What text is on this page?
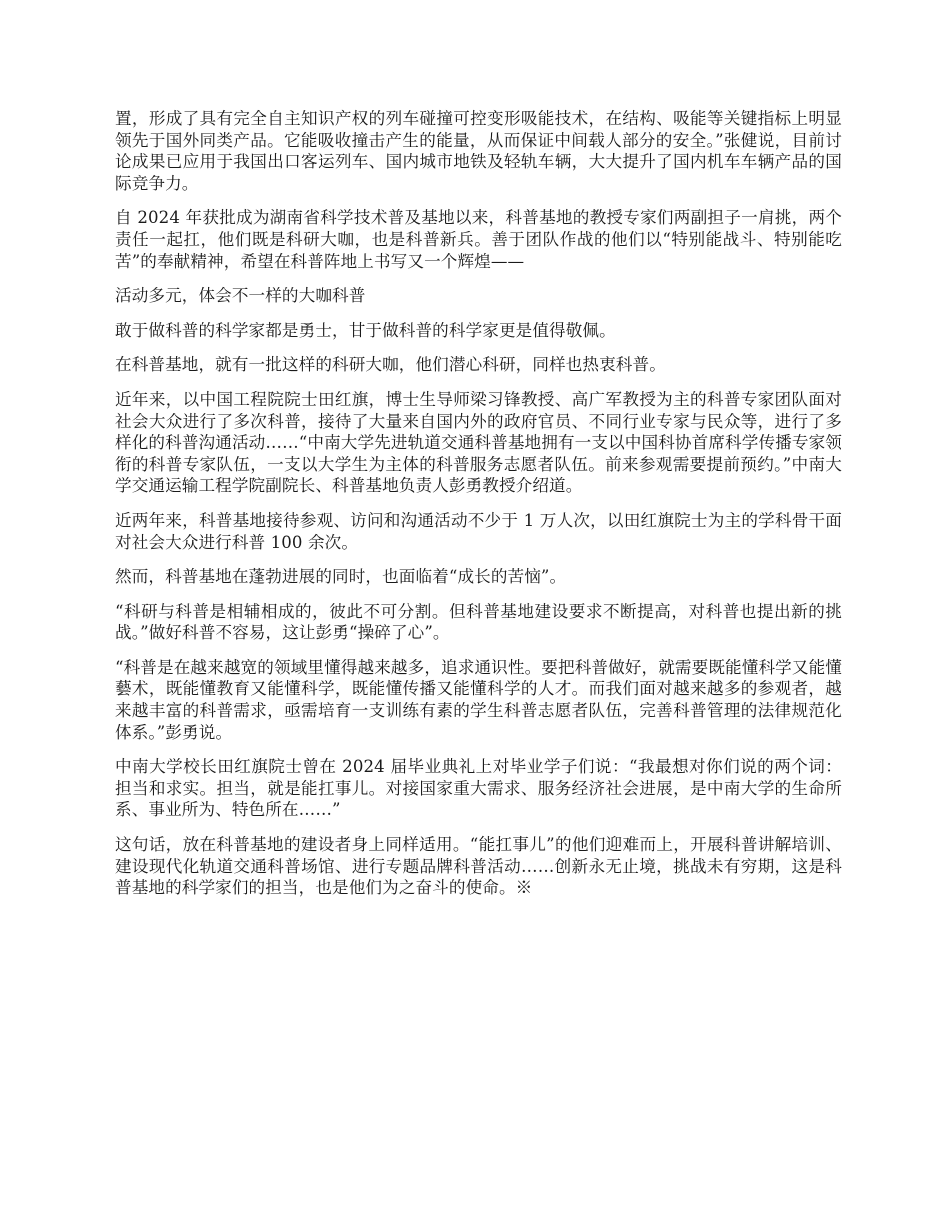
置，形成了具有完全自主知识产权的列车碰撞可控变形吸能技术，在结构、吸能等关键指标上明显领先于国外同类产品。它能吸收撞击产生的能量，从而保证中间载人部分的安全。”张健说，目前讨论成果已应用于我国出口客运列车、国内城市地铁及轻轨车辆，大大提升了国内机车车辆产品的国际竞争力。

自 2024 年获批成为湖南省科学技术普及基地以来，科普基地的教授专家们两副担子一肩挑，两个责任一起扛，他们既是科研大咖，也是科普新兵。善于团队作战的他们以“特别能战斗、特别能吃苦”的奉献精神，希望在科普阵地上书写又一个辉煌——

活动多元，体会不一样的大咖科普

敢于做科普的科学家都是勇士，甘于做科普的科学家更是值得敬佩。

在科普基地，就有一批这样的科研大咖，他们潜心科研，同样也热衷科普。

近年来，以中国工程院院士田红旗，博士生导师梁习锋教授、高广军教授为主的科普专家团队面对社会大众进行了多次科普，接待了大量来自国内外的政府官员、不同行业专家与民众等，进行了多样化的科普沟通活动……“中南大学先进轨道交通科普基地拥有一支以中国科协首席科学传播专家领衔的科普专家队伍，一支以大学生为主体的科普服务志愿者队伍。前来参观需要提前预约。”中南大学交通运输工程学院副院长、科普基地负责人彭勇教授介绍道。

近两年来，科普基地接待参观、访问和沟通活动不少于 1 万人次，以田红旗院士为主的学科骨干面对社会大众进行科普 100 余次。

然而，科普基地在蓬勃进展的同时，也面临着“成长的苦恼”。

“科研与科普是相辅相成的，彼此不可分割。但科普基地建设要求不断提高，对科普也提出新的挑战。”做好科普不容易，这让彭勇“操碎了心”。

“科普是在越来越宽的领域里懂得越来越多，追求通识性。要把科普做好，就需要既能懂科学又能懂藝术，既能懂教育又能懂科学，既能懂传播又能懂科学的人才。而我们面对越来越多的参观者，越来越丰富的科普需求，亟需培育一支训练有素的学生科普志愿者队伍，完善科普管理的法律规范化体系。”彭勇说。

中南大学校长田红旗院士曾在 2024 届毕业典礼上对毕业学子们说：“我最想对你们说的两个词：担当和求实。担当，就是能扛事儿。对接国家重大需求、服务经济社会进展，是中南大学的生命所系、事业所为、特色所在……”

这句话，放在科普基地的建设者身上同样适用。“能扛事儿”的他们迎难而上，开展科普讲解培训、建设现代化轨道交通科普场馆、进行专题品牌科普活动……创新永无止境，挑战未有穷期，这是科普基地的科学家们的担当，也是他们为之奋斗的使命。※
